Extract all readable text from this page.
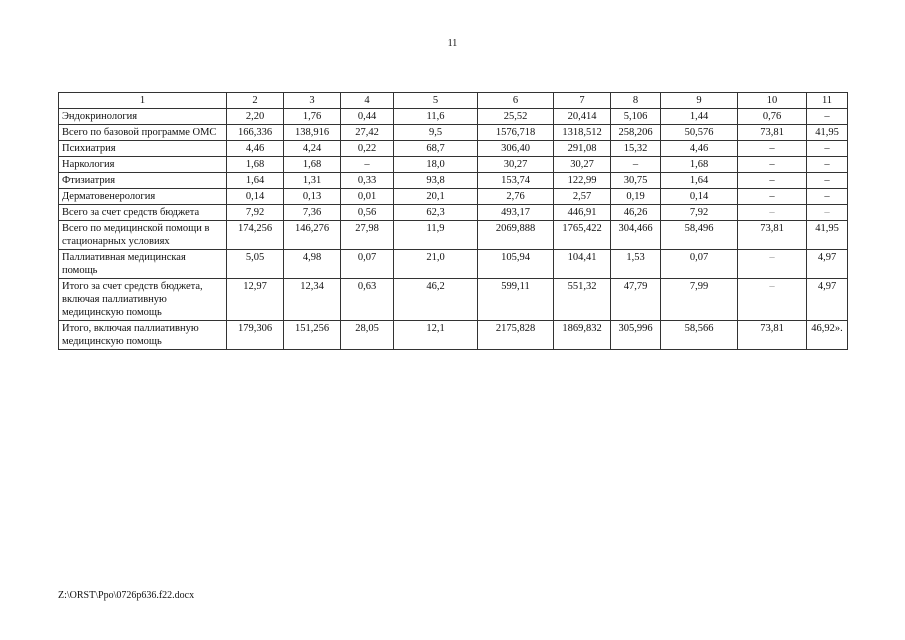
11
1	2	3	4	5	6	7	8	9	10	11
Эндокринология	2,20	1,76	0,44	11,6	25,52	20,414	5,106	1,44	0,76	–
Всего по базовой программе ОМС	166,336	138,916	27,42	9,5	1576,718	1318,512	258,206	50,576	73,81	41,95
Психиатрия	4,46	4,24	0,22	68,7	306,40	291,08	15,32	4,46	–	–
Наркология	1,68	1,68	–	18,0	30,27	30,27	–	1,68	–	–
Фтизиатрия	1,64	1,31	0,33	93,8	153,74	122,99	30,75	1,64	–	–
Дерматовенерология	0,14	0,13	0,01	20,1	2,76	2,57	0,19	0,14	–	–
Всего за счет средств бюджета	7,92	7,36	0,56	62,3	493,17	446,91	46,26	7,92	–	–
Всего по медицинской помощи в стационарных условиях	174,256	146,276	27,98	11,9	2069,888	1765,422	304,466	58,496	73,81	41,95
Паллиативная медицинская помощь	5,05	4,98	0,07	21,0	105,94	104,41	1,53	0,07	–	4,97
Итого за счет средств бюджета, включая паллиативную медицинскую помощь	12,97	12,34	0,63	46,2	599,11	551,32	47,79	7,99	–	4,97
Итого, включая паллиативную медицинскую помощь	179,306	151,256	28,05	12,1	2175,828	1869,832	305,996	58,566	73,81	46,92».
Z:\ORST\Ppo\0726p636.f22.docx
